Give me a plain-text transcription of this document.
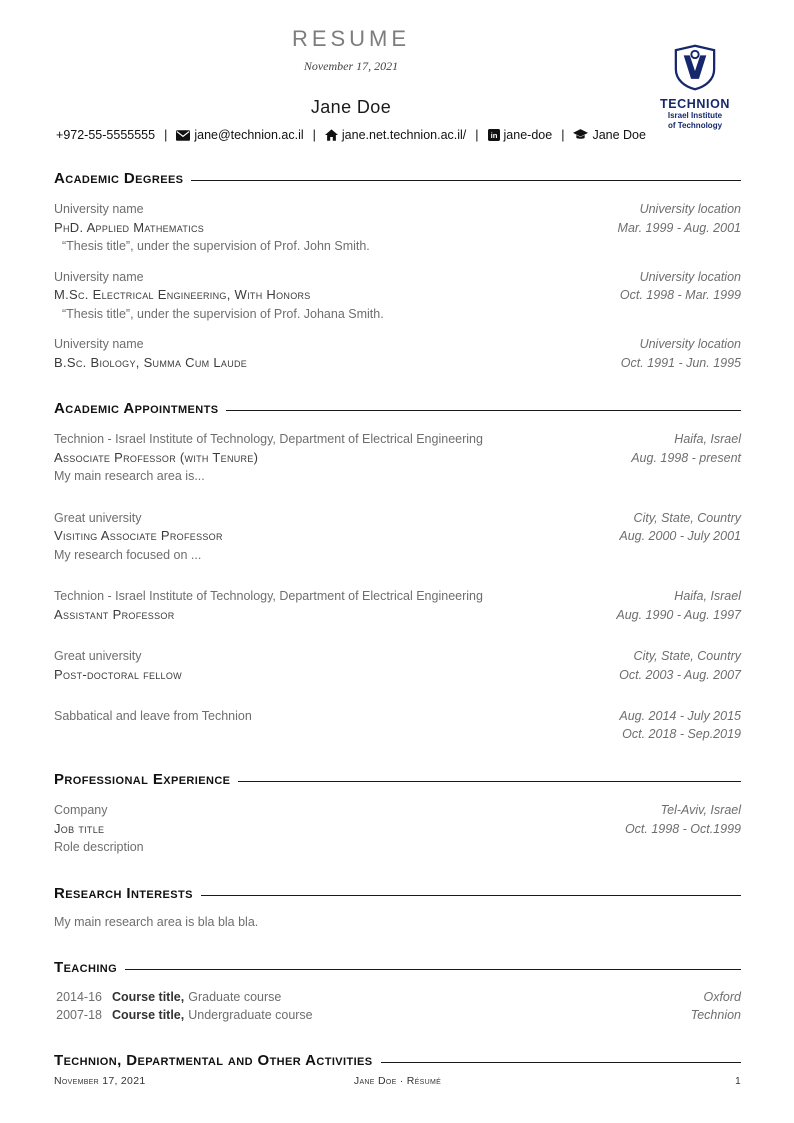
RESUME
November 17, 2021
Jane Doe
+972-55-5555555 | jane@technion.ac.il | jane.net.technion.ac.il/ | in jane-doe | Jane Doe
TECHNION
Israel Institute
of Technology
Academic Degrees
University name	University location
PhD. Applied Mathematics	Mar. 1999 - Aug. 2001
“Thesis title”, under the supervision of Prof. John Smith.
University name	University location
M.Sc. Electrical Engineering, With Honors	Oct. 1998 - Mar. 1999
“Thesis title”, under the supervision of Prof. Johana Smith.
University name	University location
B.Sc. Biology, Summa Cum Laude	Oct. 1991 - Jun. 1995
Academic Appointments
Technion - Israel Institute of Technology, Department of Electrical Engineering	Haifa, Israel
Associate Professor (with Tenure)	Aug. 1998 - present
My main research area is...
Great university	City, State, Country
Visiting Associate Professor	Aug. 2000 - July 2001
My research focused on ...
Technion - Israel Institute of Technology, Department of Electrical Engineering	Haifa, Israel
Assistant Professor	Aug. 1990 - Aug. 1997
Great university	City, State, Country
Post-doctoral fellow	Oct. 2003 - Aug. 2007
Sabbatical and leave from Technion	Aug. 2014 - July 2015
Oct. 2018 - Sep.2019
Professional Experience
Company	Tel-Aviv, Israel
Job title	Oct. 1998 - Oct.1999
Role description
Research Interests
My main research area is bla bla bla.
Teaching
2014-16 Course title, Graduate course	Oxford
2007-18 Course title, Undergraduate course	Technion
Technion, Departmental and Other Activities
November 17, 2021	Jane Doe · Résumé	1
